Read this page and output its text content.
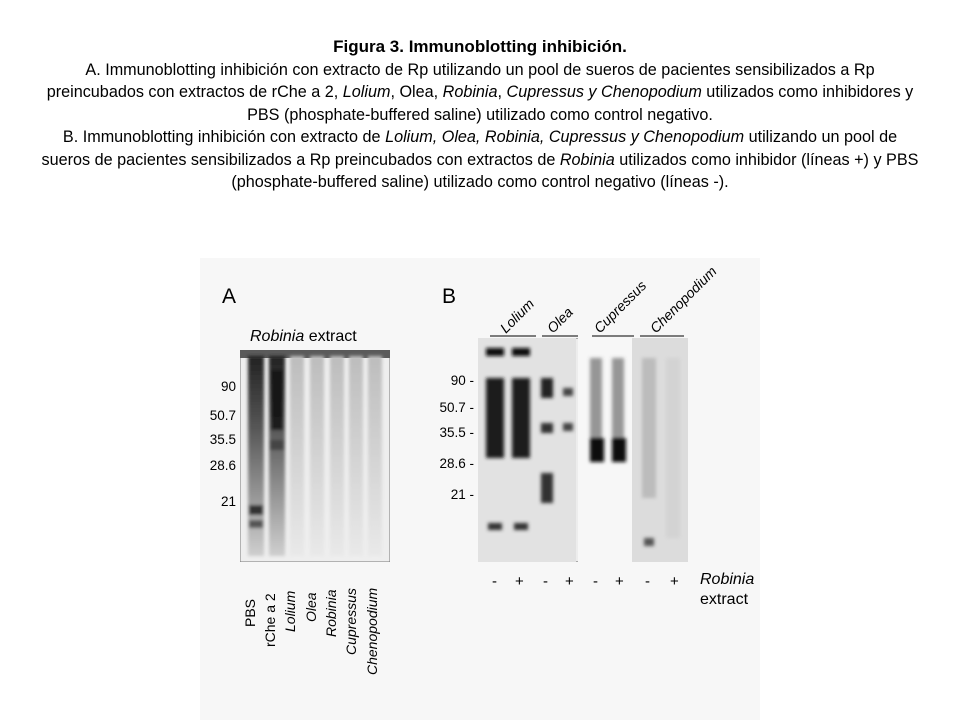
Figura 3. Immunoblotting inhibición.

A. Immunoblotting inhibición con extracto de Rp utilizando un pool de sueros de pacientes sensibilizados a Rp preincubados con extractos de rChe a 2, Lolium, Olea, Robinia, Cupressus y Chenopodium utilizados como inhibidores y PBS (phosphate-buffered saline) utilizado como control negativo.

B. Immunoblotting inhibición con extracto de Lolium, Olea, Robinia, Cupressus y Chenopodium utilizando un pool de sueros de pacientes sensibilizados a Rp preincubados con extractos de Robinia utilizados como inhibidor (líneas +) y PBS (phosphate-buffered saline) utilizado como control negativo (líneas -).

A
Robinia extract
90
50.7
35.5
28.6
21
PBS rChe a 2 Lolium Olea Robinia Cupressus Chenopodium
B	Lolium Olea Cupressus
Chenopodium
90 -
50.7 -
35.5 -
28.6 -
21 -
- + - + - + - + Robinia
extract
